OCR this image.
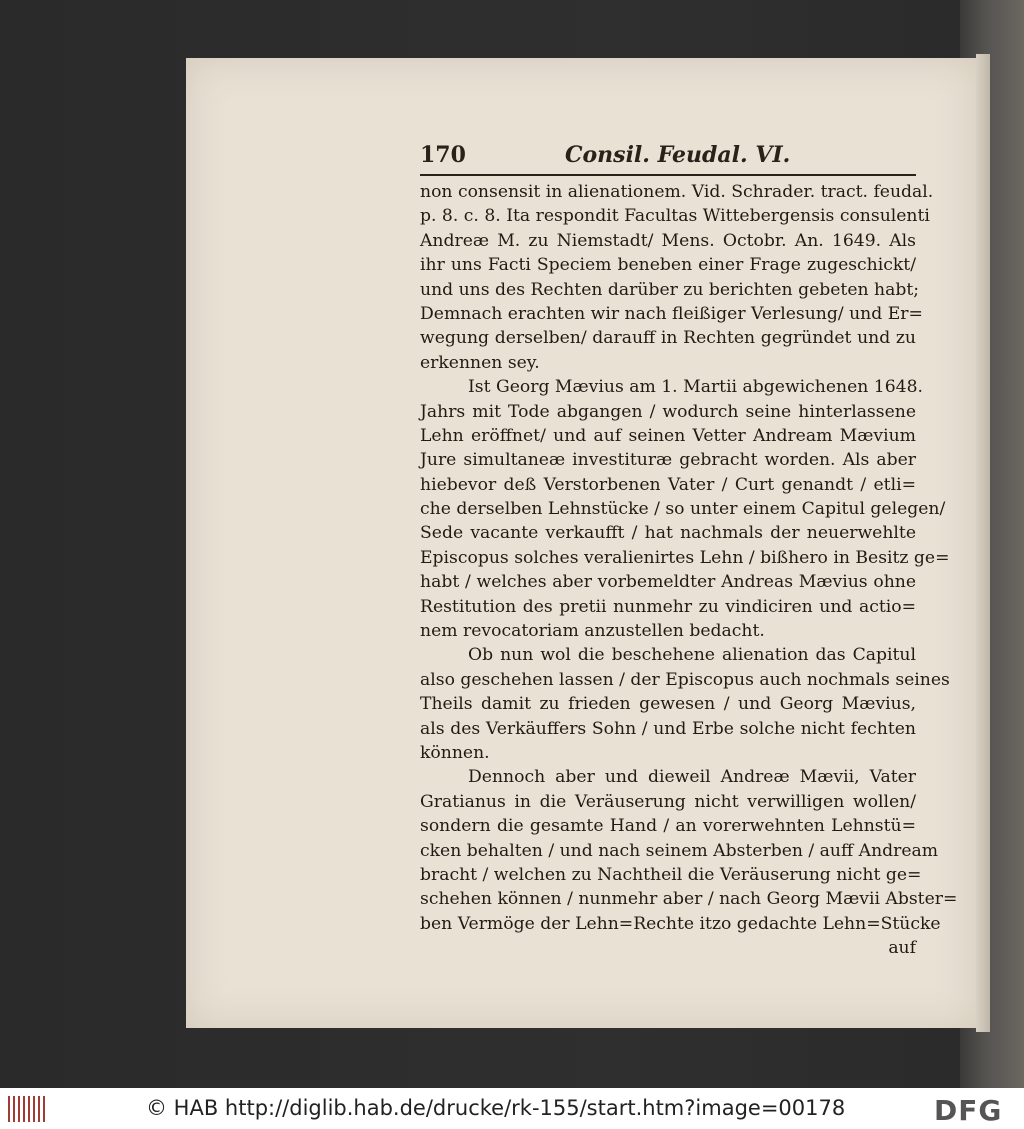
170	Consil. Feudal. VI.
non consensit in alienationem. Vid. Schrader. tract. feudal.
p. 8. c. 8. Ita respondit Facultas Wittebergensis consulenti
Andreæ M. zu Niemstadt/ Mens. Octobr. An. 1649. Als
ihr uns Facti Speciem beneben einer Frage zugeschickt/
und uns des Rechten darüber zu berichten gebeten habt;
Demnach erachten wir nach fleißiger Verlesung/ und Er=
wegung derselben/ darauff in Rechten gegründet und zu
erkennen sey.
Ist Georg Mævius am 1. Martii abgewichenen 1648.
Jahrs mit Tode abgangen / wodurch seine hinterlassene
Lehn eröffnet/ und auf seinen Vetter Andream Mævium
Jure simultaneæ investituræ gebracht worden. Als aber
hiebevor deß Verstorbenen Vater / Curt genandt / etli=
che derselben Lehnstücke / so unter einem Capitul gelegen/
Sede vacante verkaufft / hat nachmals der neuerwehlte
Episcopus solches veralienirtes Lehn / bißhero in Besitz ge=
habt / welches aber vorbemeldter Andreas Mævius ohne
Restitution des pretii nunmehr zu vindiciren und actio=
nem revocatoriam anzustellen bedacht.
Ob nun wol die beschehene alienation das Capitul
also geschehen lassen / der Episcopus auch nochmals seines
Theils damit zu frieden gewesen / und Georg Mævius,
als des Verkäuffers Sohn / und Erbe solche nicht fechten
können.
Dennoch aber und dieweil Andreæ Mævii, Vater
Gratianus in die Veräuserung nicht verwilligen wollen/
sondern die gesamte Hand / an vorerwehnten Lehnstü=
cken behalten / und nach seinem Absterben / auff Andream
bracht / welchen zu Nachtheil die Veräuserung nicht ge=
schehen können / nunmehr aber / nach Georg Mævii Abster=
ben Vermöge der Lehn=Rechte itzo gedachte Lehn=Stücke
auf
© HAB http://diglib.hab.de/drucke/rk-155/start.htm?image=00178	DFG
